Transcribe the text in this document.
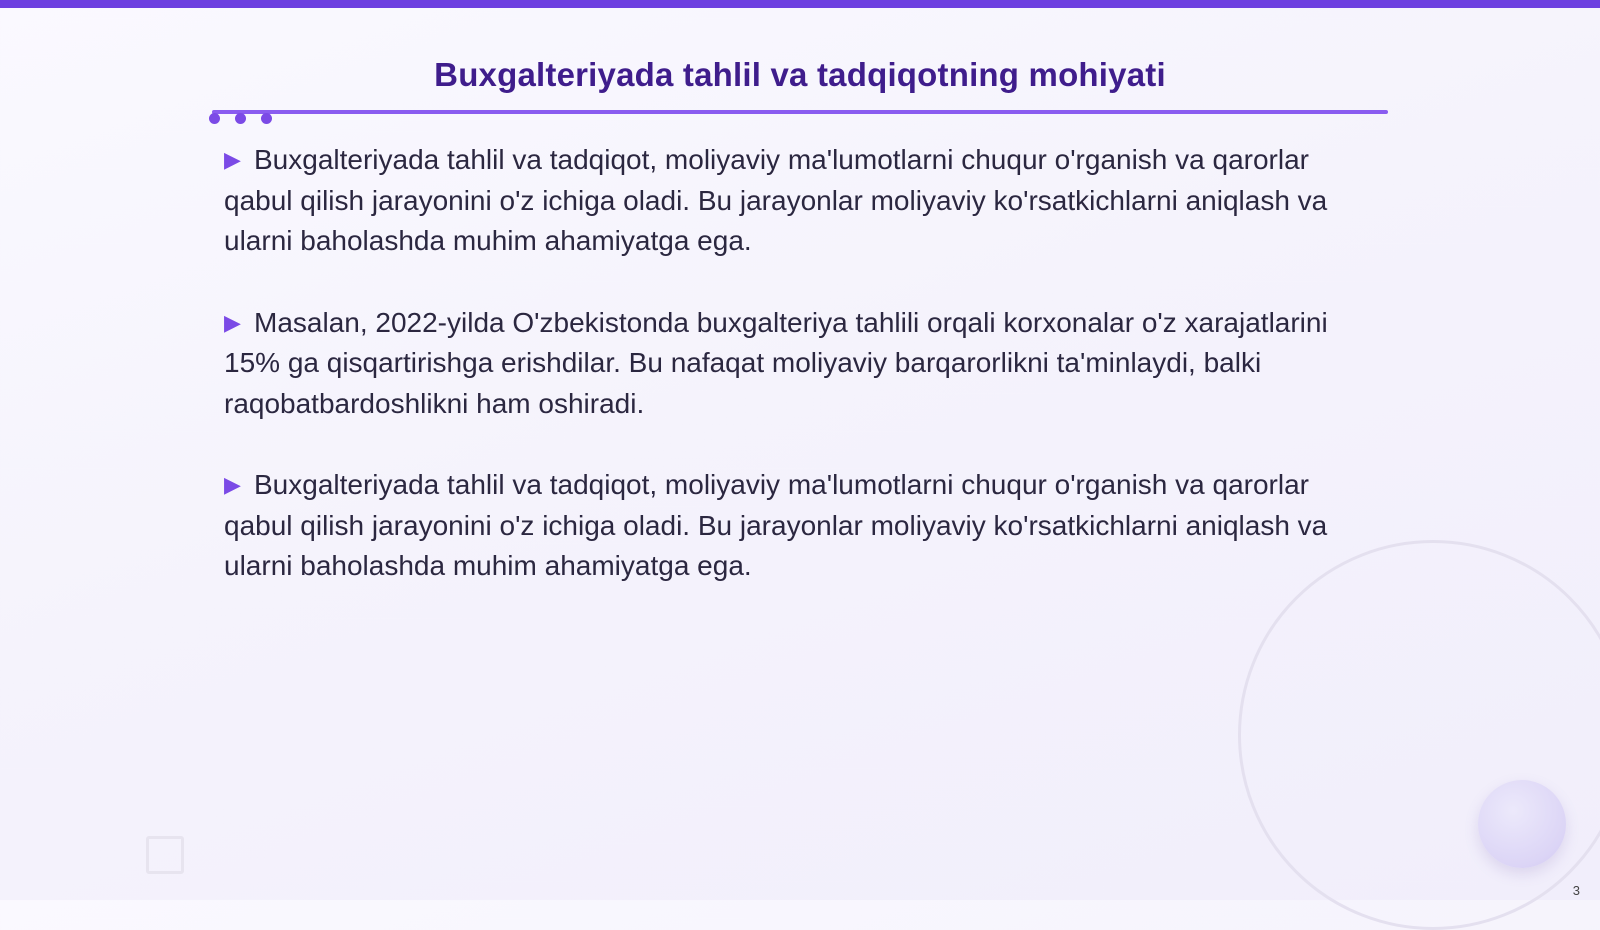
Buxgalteriyada tahlil va tadqiqotning mohiyati

▶ Buxgalteriyada tahlil va tadqiqot, moliyaviy ma'lumotlarni chuqur o'rganish va qarorlar qabul qilish jarayonini o'z ichiga oladi. Bu jarayonlar moliyaviy ko'rsatkichlarni aniqlash va ularni baholashda muhim ahamiyatga ega.

▶ Masalan, 2022-yilda O'zbekistonda buxgalteriya tahlili orqali korxonalar o'z xarajatlarini 15% ga qisqartirishga erishdilar. Bu nafaqat moliyaviy barqarorlikni ta'minlaydi, balki raqobatbardoshlikni ham oshiradi.

▶ Buxgalteriyada tahlil va tadqiqot, moliyaviy ma'lumotlarni chuqur o'rganish va qarorlar qabul qilish jarayonini o'z ichiga oladi. Bu jarayonlar moliyaviy ko'rsatkichlarni aniqlash va ularni baholashda muhim ahamiyatga ega.

3
